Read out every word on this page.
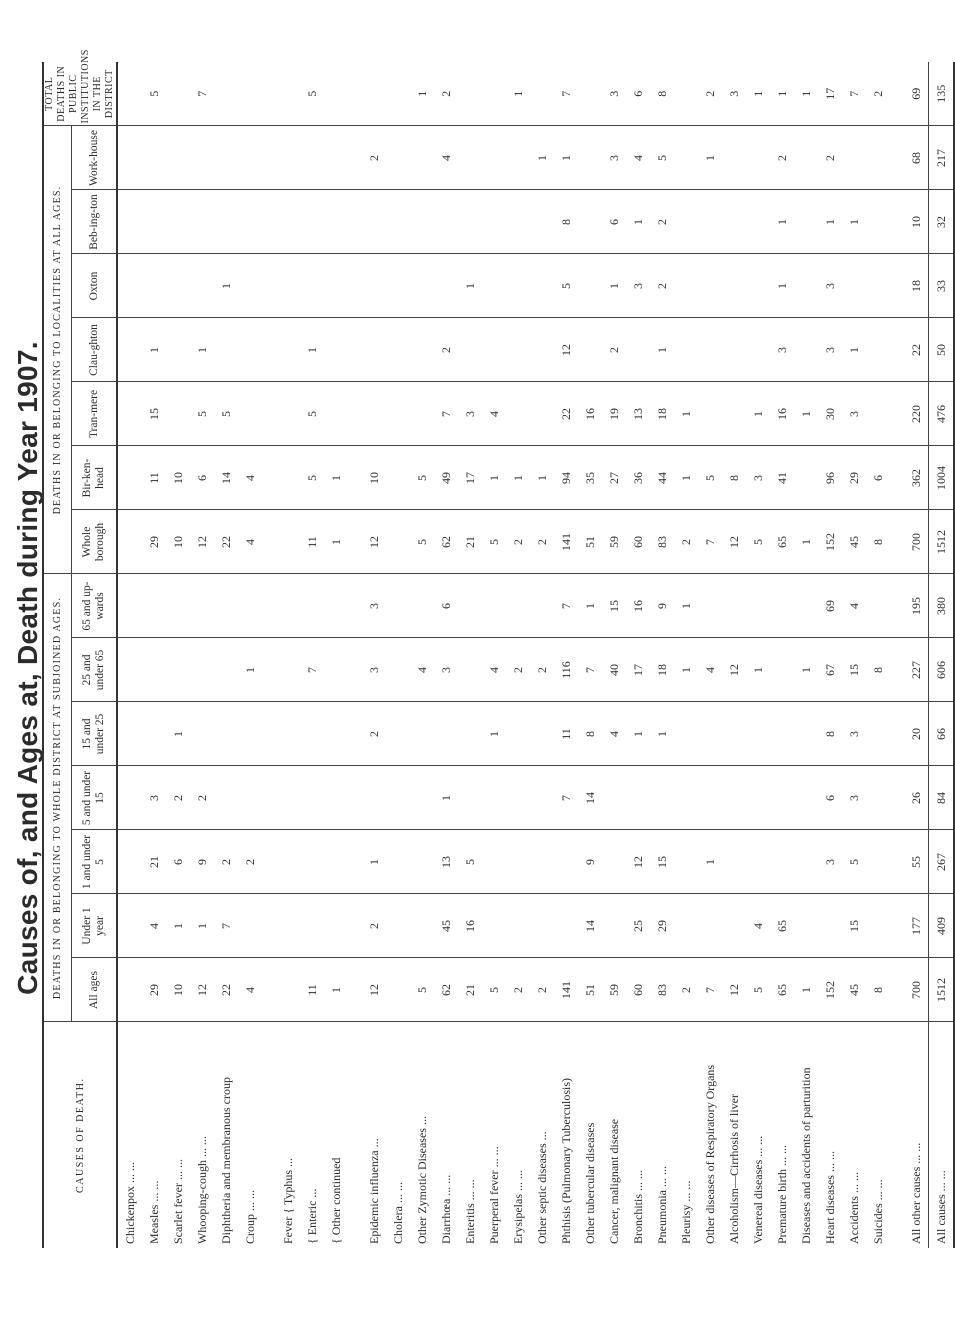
Causes of, and Ages at, Death during Year 1907.
CAUSES OF DEATH.	DEATHS IN OR BELONGING TO WHOLE DISTRICT AT SUBJOINED AGES.							DEATHS IN OR BELONGING TO LOCALITIES AT ALL AGES.							TOTAL DEATHS IN PUBLIC INSTITUTIONS IN THE DISTRICT
	All ages	Under 1 year	1 and under 5	5 and under 15	15 and under 25	25 and under 65	65 and up-wards	Whole borough	Bir-ken-head	Tran-mere	Clau-ghton	Oxton	Beb-ing-ton	Work-house	
Chickenpox ... ...															
Measles ... ...	29	4	21	3				29	11	15	1				5
Scarlet fever ... ...	10	1	6	2	1			10	10						
Whooping-cough ... ...	12	1	9	2				12	6	5	1				7
Diphtheria and membranous croup	22	7	2					22	14	5		1			
Croup ... ...	4		2			1		4	4						

Fever { Typhus ...															
{ Enteric ...	11					7		11	5	5	1				5
{ Other continued	1							1	1						

Epidemic influenza ...	12	2	1		2	3	3	12	10					2	
Cholera ... ...															
Other Zymotic Diseases ...	5					4		5	5						1
Diarrhœa ... ...	62	45	13	1		3	6	62	49	7	2			4	2
Enteritis ... ...	21	16	5					21	17	3		1			
Puerperal fever ... ...	5				1	4		5	1	4					
Erysipelas ... ...	2					2		2	1						1
Other septic diseases ...	2					2		2	1					1	
Phthisis (Pulmonary Tuberculosis)	141			7	11	116	7	141	94	22	12	5	8	1	7
Other tubercular diseases	51	14	9	14	8	7	1	51	35	16					
Cancer, malignant disease	59				4	40	15	59	27	19	2	1	6	3	3
Bronchitis ... ...	60	25	12		1	17	16	60	36	13		3	1	4	6
Pneumonia ... ...	83	29	15		1	18	9	83	44	18	1	2	2	5	8
Pleurisy ... ...	2					1	1	2	1	1					
Other diseases of Respiratory Organs	7		1			4		7	5					1	2
Alcoholism—Cirrhosis of liver	12					12		12	8						3
Venereal diseases ... ...	5	4				1		5	3	1					1
Premature birth ... ...	65	65						65	41	16	3	1	1	2	1
Diseases and accidents of parturition	1					1		1		1					1
Heart diseases ... ...	152		3	6	8	67	69	152	96	30	3	3	1	2	17
Accidents ... ...	45	15	5	3	3	15	4	45	29	3	1		1		7
Suicides ... ...	8					8		8	6						2

All other causes ... ...	700	177	55	26	20	227	195	700	362	220	22	18	10	68	69
All causes ... ...	1512	409	267	84	66	606	380	1512	1004	476	50	33	32	217	135
